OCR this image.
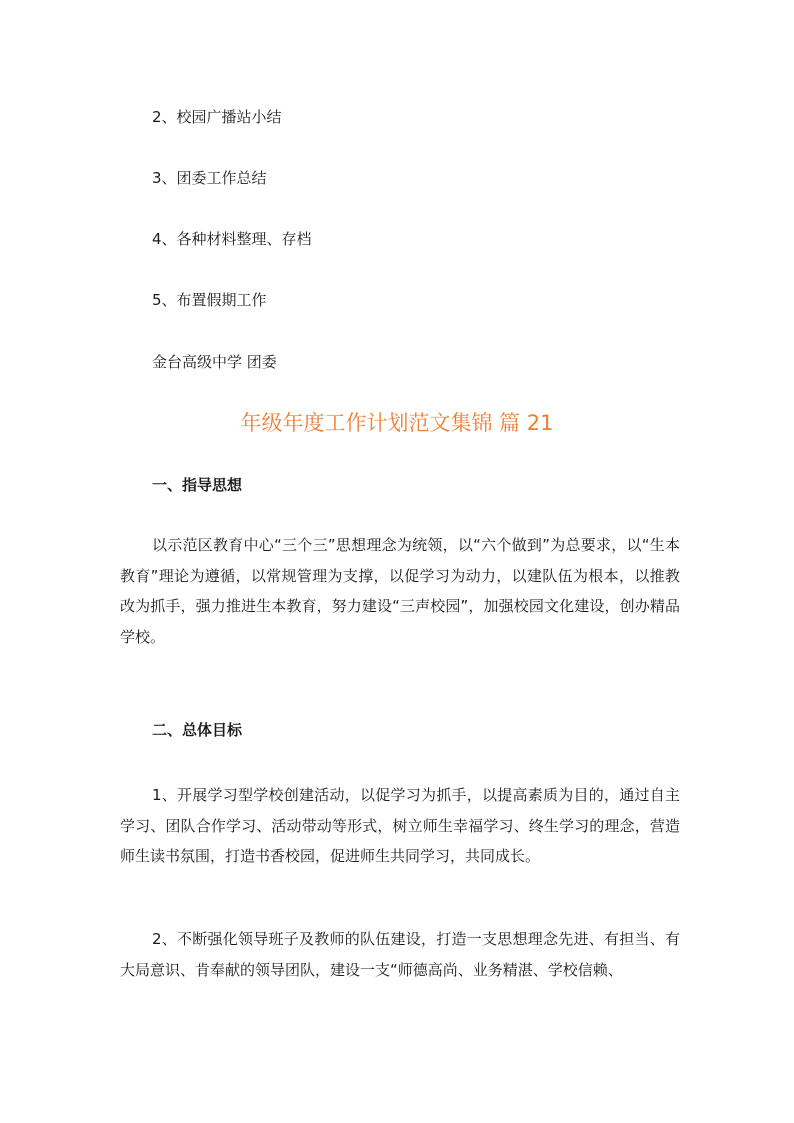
2、校园广播站小结
3、团委工作总结
4、各种材料整理、存档
5、布置假期工作
金台高级中学 团委
年级年度工作计划范文集锦 篇 21
一、指导思想

以示范区教育中心“三个三”思想理念为统领，以“六个做到”为总要求，以“生本教育”理论为遵循，以常规管理为支撑，以促学习为动力，以建队伍为根本，以推教改为抓手，强力推进生本教育，努力建设“三声校园”，加强校园文化建设，创办精品学校。

二、总体目标

1、开展学习型学校创建活动，以促学习为抓手，以提高素质为目的，通过自主学习、团队合作学习、活动带动等形式，树立师生幸福学习、终生学习的理念，营造师生读书氛围，打造书香校园，促进师生共同学习，共同成长。

2、不断强化领导班子及教师的队伍建设，打造一支思想理念先进、有担当、有大局意识、肯奉献的领导团队，建设一支“师德高尚、业务精湛、学校信赖、
